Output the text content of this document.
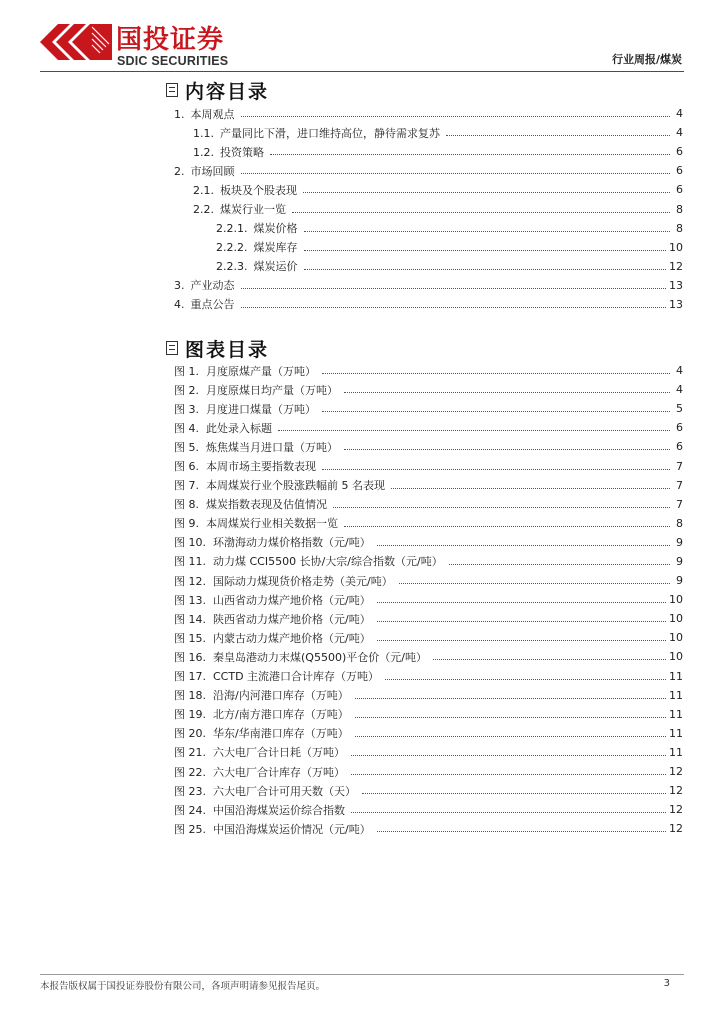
国投证券
SDIC SECURITIES	行业周报/煤炭
内容目录
1. 本周观点	4
1.1. 产量同比下滑，进口维持高位，静待需求复苏	4
1.2. 投资策略	6
2. 市场回顾	6
2.1. 板块及个股表现	6
2.2. 煤炭行业一览	8
2.2.1. 煤炭价格	8
2.2.2. 煤炭库存	10
2.2.3. 煤炭运价	12
3. 产业动态	13
4. 重点公告	13
图表目录
图 1. 月度原煤产量（万吨）	4
图 2. 月度原煤日均产量（万吨）	4
图 3. 月度进口煤量（万吨）	5
图 4. 此处录入标题	6
图 5. 炼焦煤当月进口量（万吨）	6
图 6. 本周市场主要指数表现	7
图 7. 本周煤炭行业个股涨跌幅前 5 名表现	7
图 8. 煤炭指数表现及估值情况	7
图 9. 本周煤炭行业相关数据一览	8
图 10. 环渤海动力煤价格指数（元/吨）	9
图 11. 动力煤 CCI5500 长协/大宗/综合指数（元/吨）	9
图 12. 国际动力煤现货价格走势（美元/吨）	9
图 13. 山西省动力煤产地价格（元/吨）	10
图 14. 陕西省动力煤产地价格（元/吨）	10
图 15. 内蒙古动力煤产地价格（元/吨）	10
图 16. 秦皇岛港动力末煤(Q5500)平仓价（元/吨）	10
图 17. CCTD 主流港口合计库存（万吨）	11
图 18. 沿海/内河港口库存（万吨）	11
图 19. 北方/南方港口库存（万吨）	11
图 20. 华东/华南港口库存（万吨）	11
图 21. 六大电厂合计日耗（万吨）	11
图 22. 六大电厂合计库存（万吨）	12
图 23. 六大电厂合计可用天数（天）	12
图 24. 中国沿海煤炭运价综合指数	12
图 25. 中国沿海煤炭运价情况（元/吨）	12
本报告版权属于国投证券股份有限公司，各项声明请参见报告尾页。	3
